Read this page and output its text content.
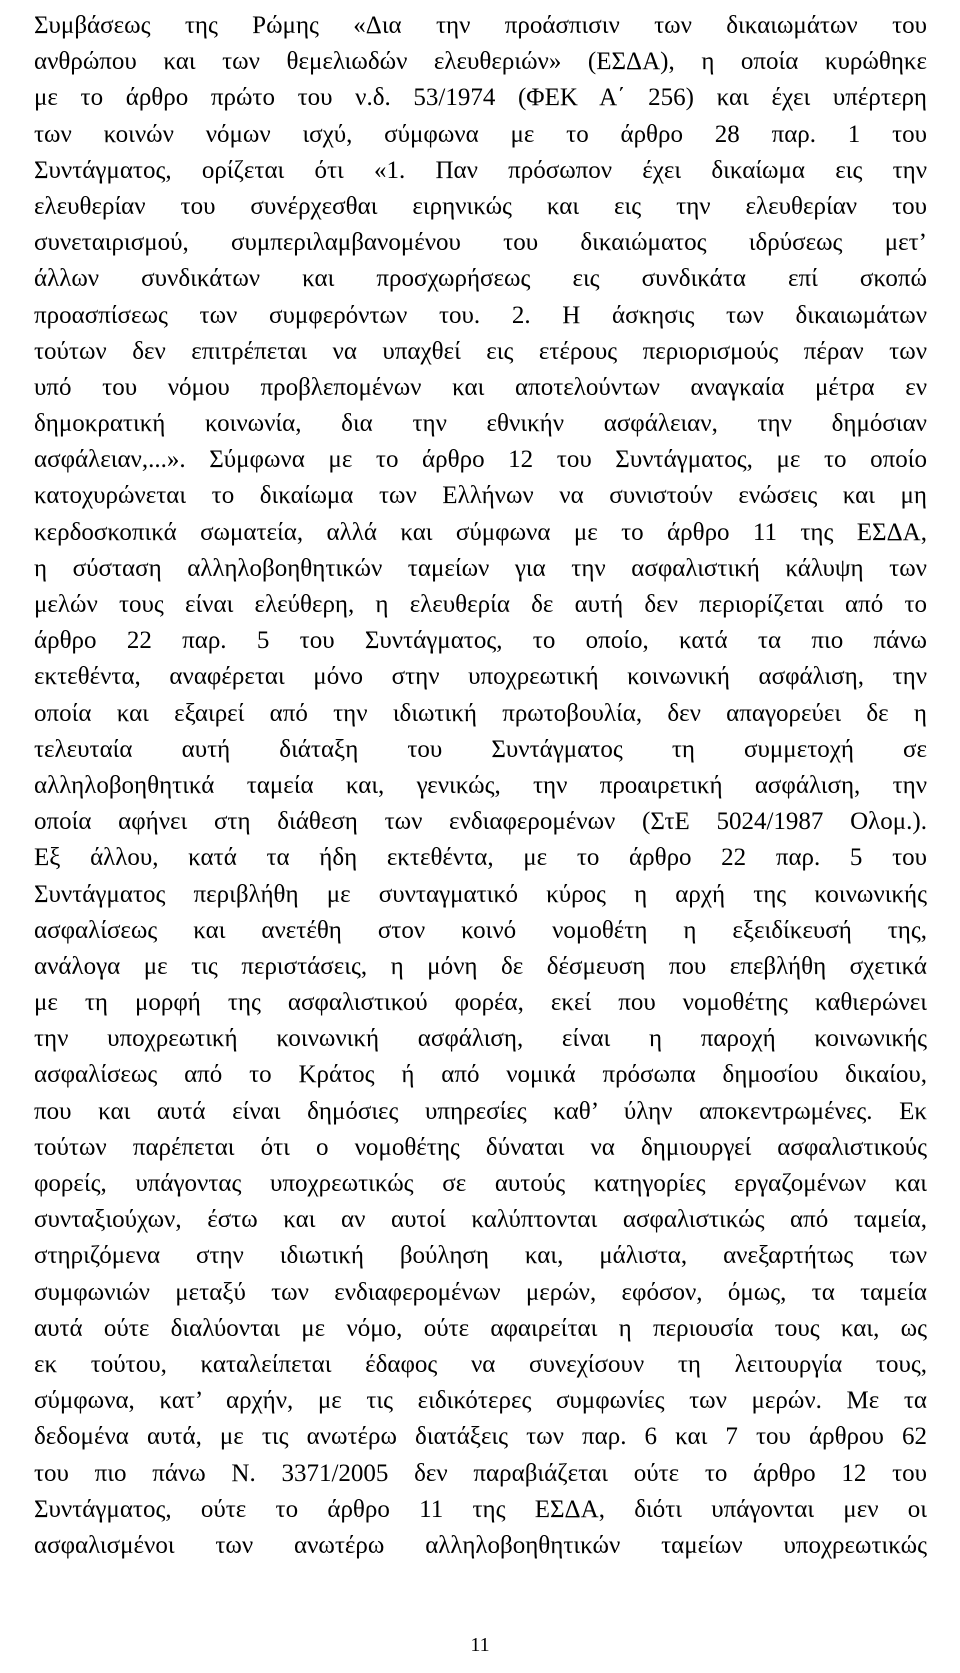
Συμβάσεως της Ρώμης «Δια την προάσπισιν των δικαιωμάτων του
ανθρώπου και των θεμελιωδών ελευθεριών» (ΕΣΔΑ), η οποία κυρώθηκε
με το άρθρο πρώτο του ν.δ. 53/1974 (ΦΕΚ Α΄ 256) και έχει υπέρτερη
των κοινών νόμων ισχύ, σύμφωνα με το άρθρο 28 παρ. 1 του
Συντάγματος, ορίζεται ότι «1. Παν πρόσωπον έχει δικαίωμα εις την
ελευθερίαν του συνέρχεσθαι ειρηνικώς και εις την ελευθερίαν του
συνεταιρισμού, συμπεριλαμβανομένου του δικαιώματος ιδρύσεως μετ’
άλλων συνδικάτων και προσχωρήσεως εις συνδικάτα επί σκοπώ
προασπίσεως των συμφερόντων του. 2. Η άσκησις των δικαιωμάτων
τούτων δεν επιτρέπεται να υπαχθεί εις ετέρους περιορισμούς πέραν των
υπό του νόμου προβλεπομένων και αποτελούντων αναγκαία μέτρα εν
δημοκρατική κοινωνία, δια την εθνικήν ασφάλειαν, την δημόσιαν
ασφάλειαν,...». Σύμφωνα με το άρθρο 12 του Συντάγματος, με το οποίο
κατοχυρώνεται το δικαίωμα των Ελλήνων να συνιστούν ενώσεις και μη
κερδοσκοπικά σωματεία, αλλά και σύμφωνα με το άρθρο 11 της ΕΣΔΑ,
η σύσταση αλληλοβοηθητικών ταμείων για την ασφαλιστική κάλυψη των
μελών τους είναι ελεύθερη, η ελευθερία δε αυτή δεν περιορίζεται από το
άρθρο 22 παρ. 5 του Συντάγματος, το οποίο, κατά τα πιο πάνω
εκτεθέντα, αναφέρεται μόνο στην υποχρεωτική κοινωνική ασφάλιση, την
οποία και εξαιρεί από την ιδιωτική πρωτοβουλία, δεν απαγορεύει δε η
τελευταία αυτή διάταξη του Συντάγματος τη συμμετοχή σε
αλληλοβοηθητικά ταμεία και, γενικώς, την προαιρετική ασφάλιση, την
οποία αφήνει στη διάθεση των ενδιαφερομένων (ΣτΕ 5024/1987 Ολομ.).
Εξ άλλου, κατά τα ήδη εκτεθέντα, με το άρθρο 22 παρ. 5 του
Συντάγματος περιβλήθη με συνταγματικό κύρος η αρχή της κοινωνικής
ασφαλίσεως και ανετέθη στον κοινό νομοθέτη η εξειδίκευσή της,
ανάλογα με τις περιστάσεις, η μόνη δε δέσμευση που επεβλήθη σχετικά
με τη μορφή της ασφαλιστικού φορέα, εκεί που νομοθέτης καθιερώνει
την υποχρεωτική κοινωνική ασφάλιση, είναι η παροχή κοινωνικής
ασφαλίσεως από το Κράτος ή από νομικά πρόσωπα δημοσίου δικαίου,
που και αυτά είναι δημόσιες υπηρεσίες καθ’ ύλην αποκεντρωμένες. Εκ
τούτων παρέπεται ότι ο νομοθέτης δύναται να δημιουργεί ασφαλιστικούς
φορείς, υπάγοντας υποχρεωτικώς σε αυτούς κατηγορίες εργαζομένων και
συνταξιούχων, έστω και αν αυτοί καλύπτονται ασφαλιστικώς από ταμεία,
στηριζόμενα στην ιδιωτική βούληση και, μάλιστα, ανεξαρτήτως των
συμφωνιών μεταξύ των ενδιαφερομένων μερών, εφόσον, όμως, τα ταμεία
αυτά ούτε διαλύονται με νόμο, ούτε αφαιρείται η περιουσία τους και, ως
εκ τούτου, καταλείπεται έδαφος να συνεχίσουν τη λειτουργία τους,
σύμφωνα, κατ’ αρχήν, με τις ειδικότερες συμφωνίες των μερών. Με τα
δεδομένα αυτά, με τις ανωτέρω διατάξεις των παρ. 6 και 7 του άρθρου 62
του πιο πάνω Ν. 3371/2005 δεν παραβιάζεται ούτε το άρθρο 12 του
Συντάγματος, ούτε το άρθρο 11 της ΕΣΔΑ, διότι υπάγονται μεν οι
ασφαλισμένοι των ανωτέρω αλληλοβοηθητικών ταμείων υποχρεωτικώς
11
